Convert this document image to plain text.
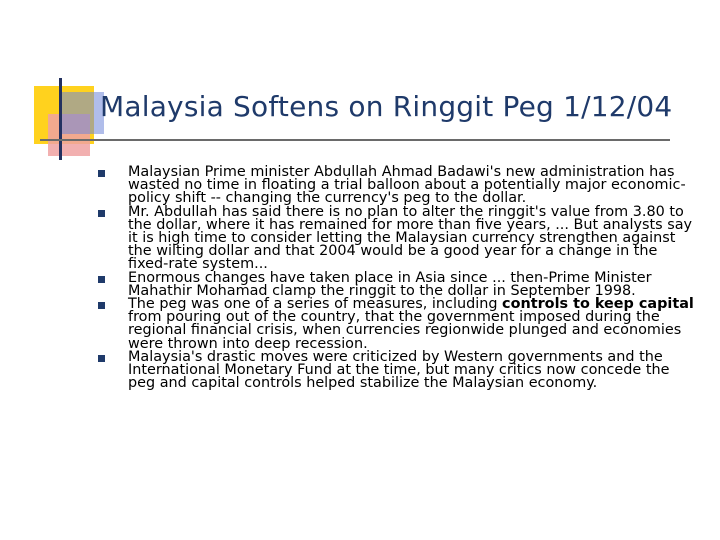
Malaysia Softens on Ringgit Peg 1/12/04
Malaysian Prime minister Abdullah Ahmad Badawi's new administration has wasted no time in floating a trial balloon about a potentially major economic-policy shift -- changing the currency's peg to the dollar.
Mr. Abdullah has said there is no plan to alter the ringgit's value from 3.80 to the dollar, where it has remained for more than five years, ... But analysts say it is high time to consider letting the Malaysian currency strengthen against the wilting dollar and that 2004 would be a good year for a change in the fixed-rate system...
Enormous changes have taken place in Asia since ... then-Prime Minister Mahathir Mohamad clamp the ringgit to the dollar in September 1998.
The peg was one of a series of measures, including controls to keep capital from pouring out of the country, that the government imposed during the regional financial crisis, when currencies regionwide plunged and economies were thrown into deep recession.
Malaysia's drastic moves were criticized by Western governments and the International Monetary Fund at the time, but many critics now concede the peg and capital controls helped stabilize the Malaysian economy.
